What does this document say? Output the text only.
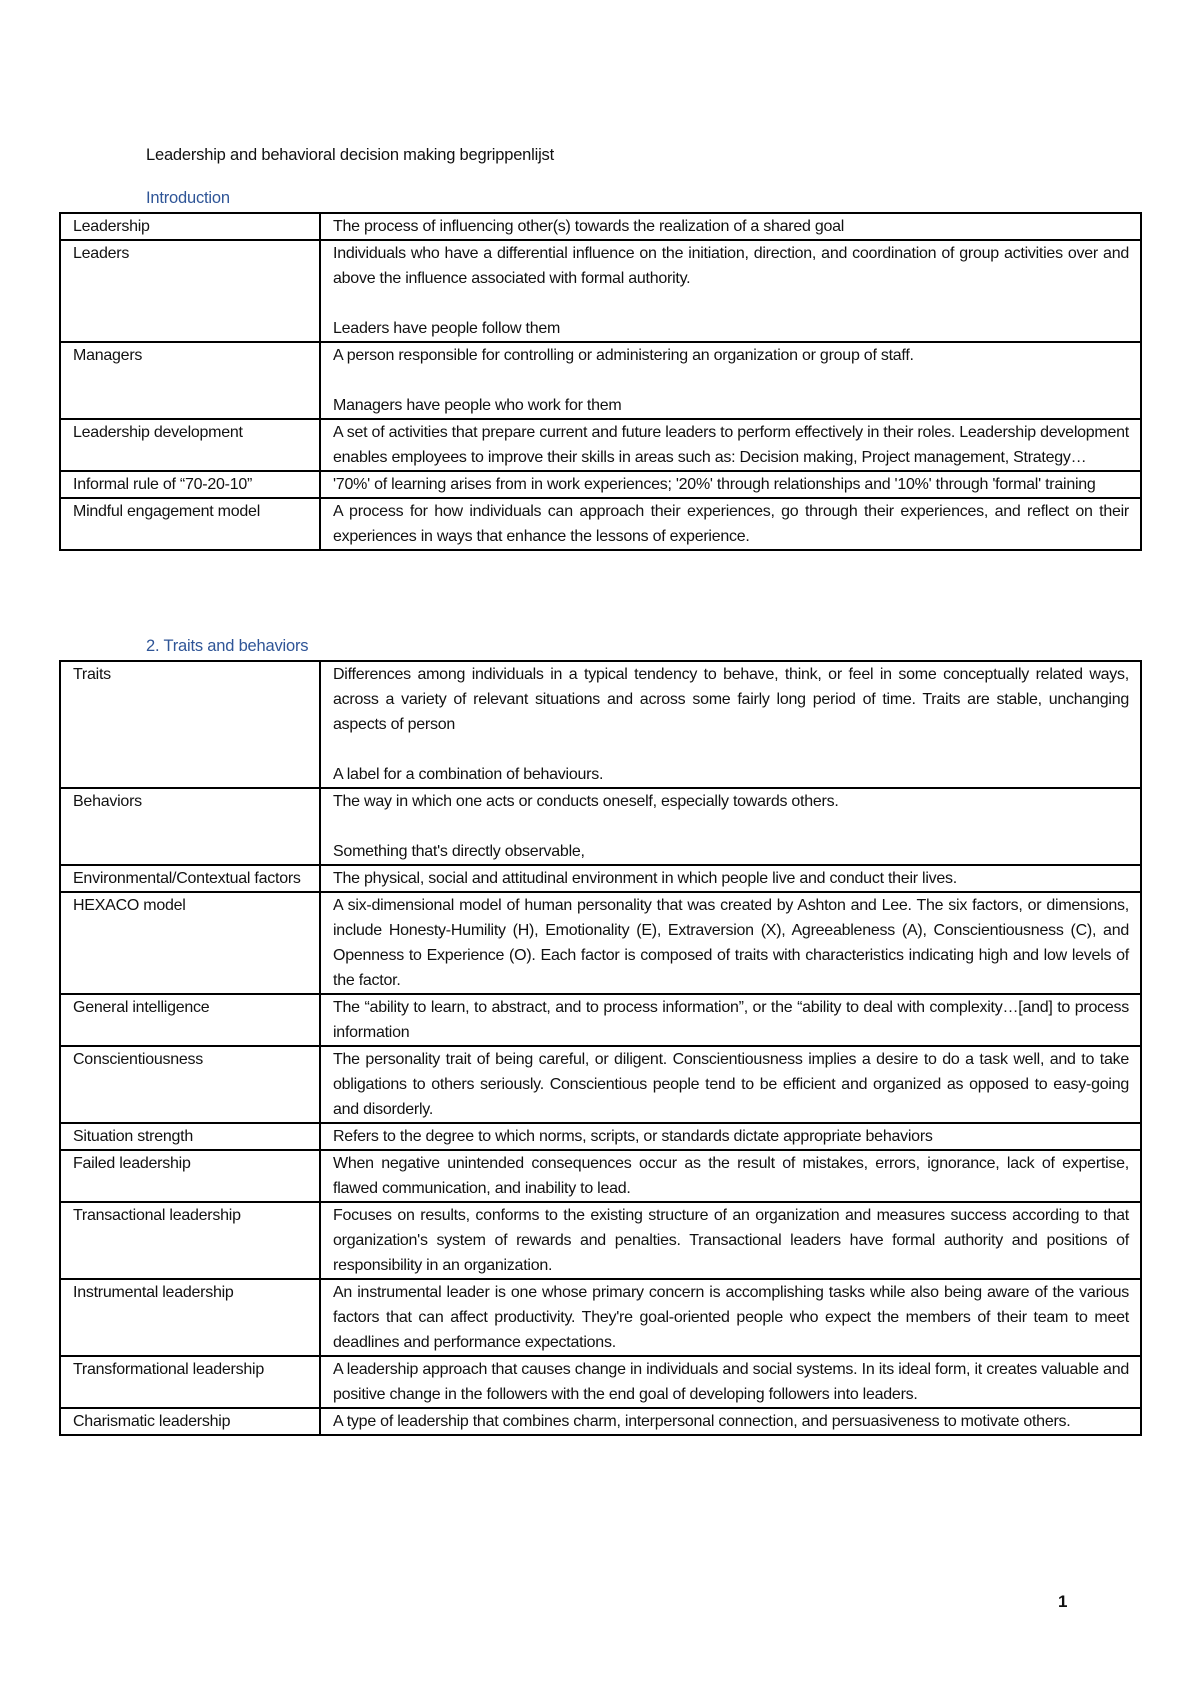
Leadership and behavioral decision making begrippenlijst
Introduction
Leadership	The process of influencing other(s) towards the realization of a shared goal

Leaders	Individuals who have a differential influence on the initiation, direction, and coordination of group activities over and above the influence associated with formal authority.
Leaders have people follow them

Managers	A person responsible for controlling or administering an organization or group of staff.
Managers have people who work for them

Leadership development	A set of activities that prepare current and future leaders to perform effectively in their roles. Leadership development enables employees to improve their skills in areas such as: Decision making, Project management, Strategy…

Informal rule of “70-20-10”	'70%' of learning arises from in work experiences; '20%' through relationships and '10%' through 'formal' training

Mindful engagement model	A process for how individuals can approach their experiences, go through their experiences, and reflect on their experiences in ways that enhance the lessons of experience.
2. Traits and behaviors
Traits	Differences among individuals in a typical tendency to behave, think, or feel in some conceptually related ways, across a variety of relevant situations and across some fairly long period of time. Traits are stable, unchanging aspects of person
A label for a combination of behaviours.

Behaviors	The way in which one acts or conducts oneself, especially towards others.
Something that's directly observable,

Environmental/Contextual factors	The physical, social and attitudinal environment in which people live and conduct their lives.

HEXACO model	A six-dimensional model of human personality that was created by Ashton and Lee. The six factors, or dimensions, include Honesty-Humility (H), Emotionality (E), Extraversion (X), Agreeableness (A), Conscientiousness (C), and Openness to Experience (O). Each factor is composed of traits with characteristics indicating high and low levels of the factor.

General intelligence	The “ability to learn, to abstract, and to process information”, or the “ability to deal with complexity…[and] to process information

Conscientiousness	The personality trait of being careful, or diligent. Conscientiousness implies a desire to do a task well, and to take obligations to others seriously. Conscientious people tend to be efficient and organized as opposed to easy-going and disorderly.

Situation strength	Refers to the degree to which norms, scripts, or standards dictate appropriate behaviors

Failed leadership	When negative unintended consequences occur as the result of mistakes, errors, ignorance, lack of expertise, flawed communication, and inability to lead.

Transactional leadership	Focuses on results, conforms to the existing structure of an organization and measures success according to that organization's system of rewards and penalties. Transactional leaders have formal authority and positions of responsibility in an organization.

Instrumental leadership	An instrumental leader is one whose primary concern is accomplishing tasks while also being aware of the various factors that can affect productivity. They're goal-oriented people who expect the members of their team to meet deadlines and performance expectations.

Transformational leadership	A leadership approach that causes change in individuals and social systems. In its ideal form, it creates valuable and positive change in the followers with the end goal of developing followers into leaders.

Charismatic leadership	A type of leadership that combines charm, interpersonal connection, and persuasiveness to motivate others.
1
